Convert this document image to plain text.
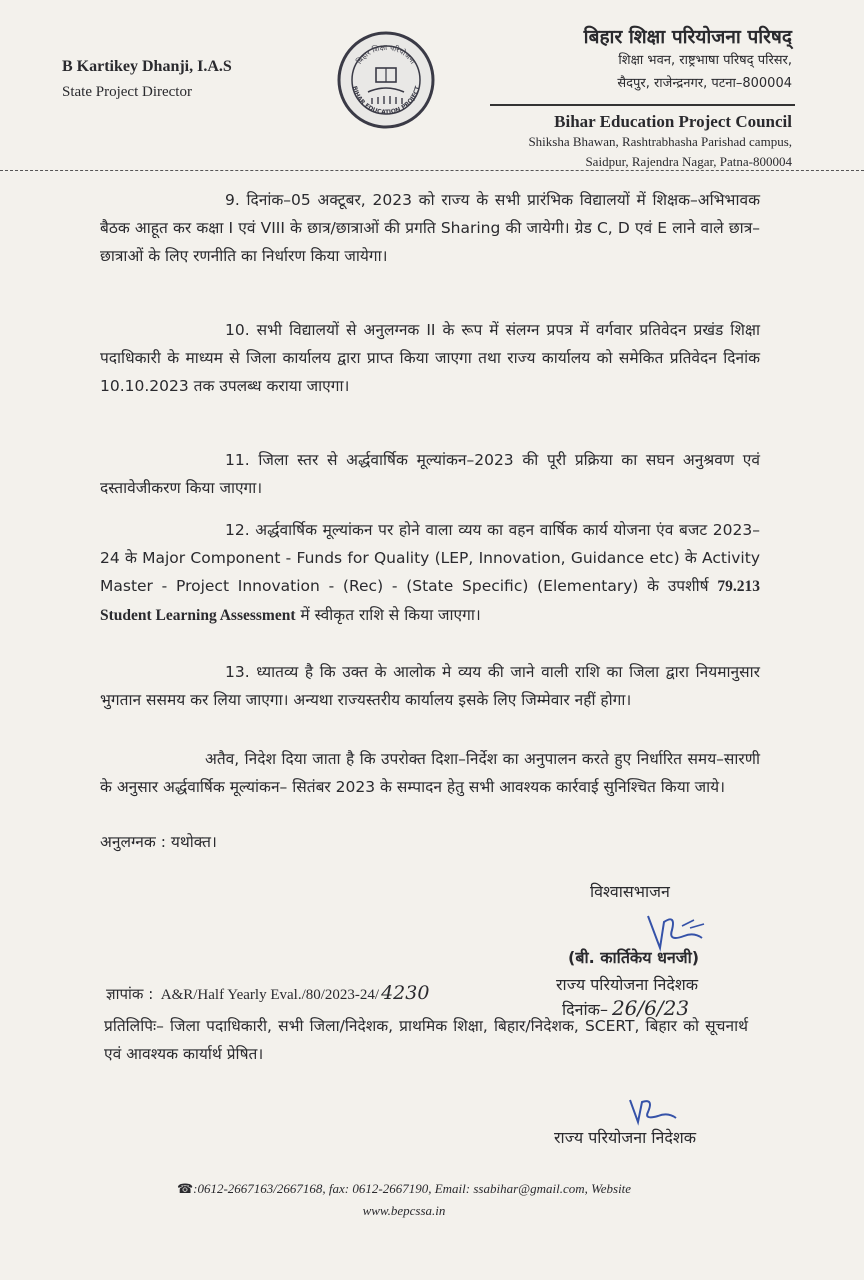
B Kartikey Dhanji, I.A.S
State Project Director
बिहार शिक्षा परियोजना
BIHAR EDUCATION PROJECT
बिहार शिक्षा परियोजना परिषद्
शिक्षा भवन, राष्ट्रभाषा परिषद् परिसर,
सैदपुर, राजेन्द्रनगर, पटना–800004
Bihar Education Project Council
Shiksha Bhawan, Rashtrabhasha Parishad campus,
Saidpur, Rajendra Nagar, Patna-800004
9. दिनांक–05 अक्टूबर, 2023 को राज्य के सभी प्रारंभिक विद्यालयों में शिक्षक–अभिभावक बैठक आहूत कर कक्षा I एवं VIII के छात्र/छात्राओं की प्रगति Sharing की जायेगी। ग्रेड C, D एवं E लाने वाले छात्र–छात्राओं के लिए रणनीति का निर्धारण किया जायेगा।
10. सभी विद्यालयों से अनुलग्नक II के रूप में संलग्न प्रपत्र में वर्गवार प्रतिवेदन प्रखंड शिक्षा पदाधिकारी के माध्यम से जिला कार्यालय द्वारा प्राप्त किया जाएगा तथा राज्य कार्यालय को समेकित प्रतिवेदन दिनांक 10.10.2023 तक उपलब्ध कराया जाएगा।
11. जिला स्तर से अर्द्धवार्षिक मूल्यांकन–2023 की पूरी प्रक्रिया का सघन अनुश्रवण एवं दस्तावेजीकरण किया जाएगा।
12. अर्द्धवार्षिक मूल्यांकन पर होने वाला व्यय का वहन वार्षिक कार्य योजना एंव बजट 2023–24 के Major Component - Funds for Quality (LEP, Innovation, Guidance etc) के Activity Master - Project Innovation - (Rec) - (State Specific) (Elementary) के उपशीर्ष 79.213 Student Learning Assessment में स्वीकृत राशि से किया जाएगा।
13. ध्यातव्य है कि उक्त के आलोक मे व्यय की जाने वाली राशि का जिला द्वारा नियमानुसार भुगतान ससमय कर लिया जाएगा। अन्यथा राज्यस्तरीय कार्यालय इसके लिए जिम्मेवार नहीं होगा।
अतैव, निदेश दिया जाता है कि उपरोक्त दिशा–निर्देश का अनुपालन करते हुए निर्धारित समय–सारणी के अनुसार अर्द्धवार्षिक मूल्यांकन– सितंबर 2023 के सम्पादन हेतु सभी आवश्यक कार्रवाई सुनिश्चित किया जाये।
अनुलग्नक : यथोक्त।
विश्वासभाजन
(बी. कार्तिकेय धनजी)
राज्य परियोजना निदेशक
दिनांक– 26/6/23
ज्ञापांक : A&R/Half Yearly Eval./80/2023-24/ 4230
प्रतिलिपिः– जिला पदाधिकारी, सभी जिला/निदेशक, प्राथमिक शिक्षा, बिहार/निदेशक, SCERT, बिहार को सूचनार्थ एवं आवश्यक कार्यार्थ प्रेषित।
राज्य परियोजना निदेशक
☎:0612-2667163/2667168, fax: 0612-2667190, Email: ssabihar@gmail.com, Website
www.bepcssa.in
